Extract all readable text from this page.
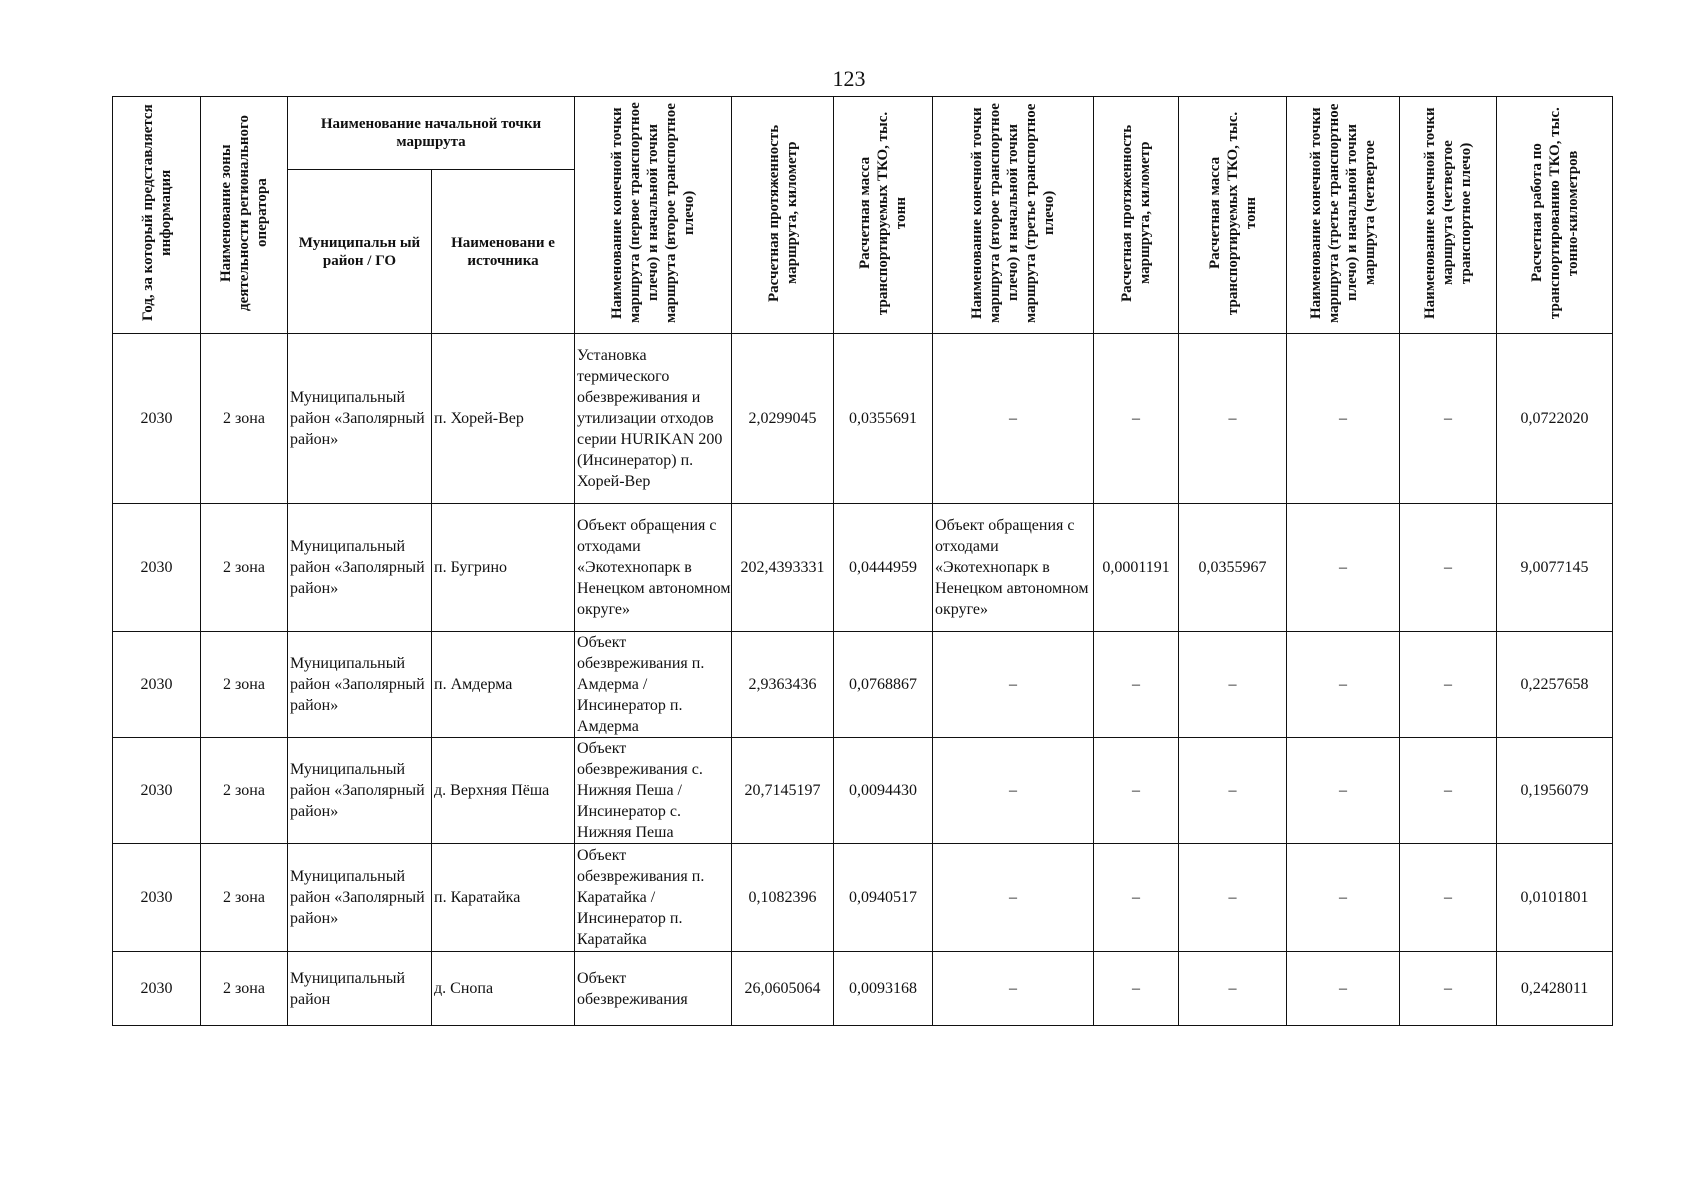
123
Год, за который представляется информация	Наименование зоны деятельности регионального оператора	Наименование начальной точки маршрута		Наименование конечной точки маршрута (первое транспортное плечо) и начальной точки маршрута (второе транспортное плечо)	Расчетная протяженность маршрута, километр	Расчетная масса транспортируемых ТКО, тыс. тонн	Наименование конечной точки маршрута (второе транспортное плечо) и начальной точки маршрута (третье транспортное плечо)	Расчетная протяженность маршрута, километр	Расчетная масса транспортируемых ТКО, тыс. тонн	Наименование конечной точки маршрута (третье транспортное плечо) и начальной точки маршрута (четвертое	Наименование конечной точки маршрута (четвертое транспортное плечо)	Расчетная работа по транспортированию ТКО, тыс. тонно-километров
		Муниципальн ый район / ГО	Наименовани е источника									
2030	2 зона	Муниципальный район «Заполярный район»	п. Хорей-Вер	Установка термического обезвреживания и утилизации отходов серии HURIKAN 200 (Инсинератор) п. Хорей-Вер	2,0299045	0,0355691	–	–	–	–	–	0,0722020
2030	2 зона	Муниципальный район «Заполярный район»	п. Бугрино	Объект обращения с отходами «Экотехнопарк в Ненецком автономном округе»	202,4393331	0,0444959	Объект обращения с отходами «Экотехнопарк в Ненецком автономном округе»	0,0001191	0,0355967	–	–	9,0077145
2030	2 зона	Муниципальный район «Заполярный район»	п. Амдерма	Объект обезвреживания п. Амдерма / Инсинератор п. Амдерма	2,9363436	0,0768867	–	–	–	–	–	0,2257658
2030	2 зона	Муниципальный район «Заполярный район»	д. Верхняя Пёша	Объект обезвреживания с. Нижняя Пеша / Инсинератор с. Нижняя Пеша	20,7145197	0,0094430	–	–	–	–	–	0,1956079
2030	2 зона	Муниципальный район «Заполярный район»	п. Каратайка	Объект обезвреживания п. Каратайка / Инсинератор п. Каратайка	0,1082396	0,0940517	–	–	–	–	–	0,0101801
2030	2 зона	Муниципальный район	д. Снопа	Объект обезвреживания	26,0605064	0,0093168	–	–	–	–	–	0,2428011
